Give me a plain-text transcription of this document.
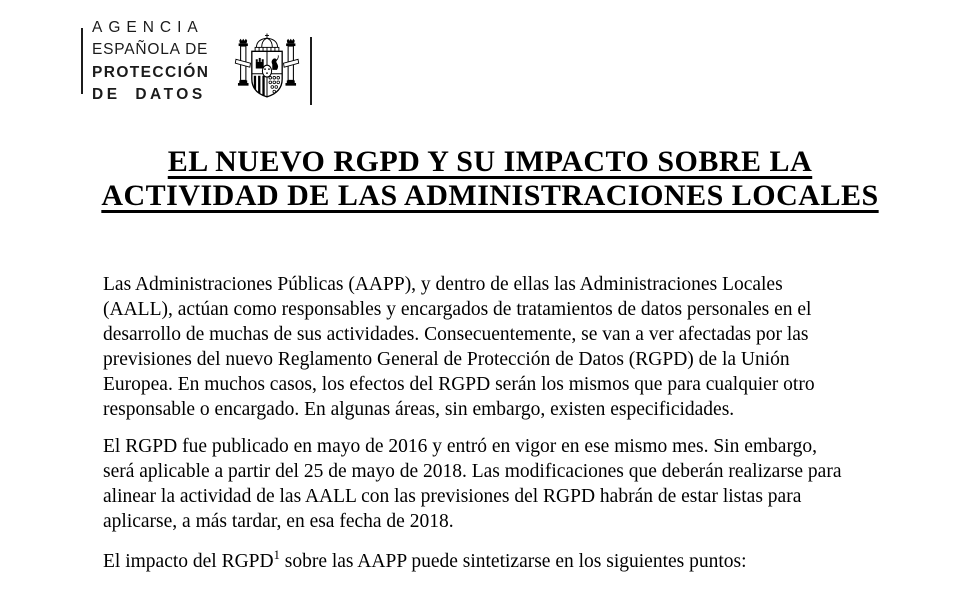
AGENCIA
ESPAÑOLA DE
PROTECCIÓN
DE DATOS
EL NUEVO RGPD Y SU IMPACTO SOBRE LA
ACTIVIDAD DE LAS ADMINISTRACIONES LOCALES
Las Administraciones Públicas (AAPP), y dentro de ellas las Administraciones Locales
(AALL), actúan como responsables y encargados de tratamientos de datos personales en el
desarrollo de muchas de sus actividades. Consecuentemente, se van a ver afectadas por las
previsiones del nuevo Reglamento General de Protección de Datos (RGPD) de la Unión
Europea. En muchos casos, los efectos del RGPD serán los mismos que para cualquier otro
responsable o encargado. En algunas áreas, sin embargo, existen especificidades.
El RGPD fue publicado en mayo de 2016 y entró en vigor en ese mismo mes. Sin embargo,
será aplicable a partir del 25 de mayo de 2018. Las modificaciones que deberán realizarse para
alinear la actividad de las AALL con las previsiones del RGPD habrán de estar listas para
aplicarse, a más tardar, en esa fecha de 2018.
El impacto del RGPD$^1$ sobre las AAPP puede sintetizarse en los siguientes puntos:
